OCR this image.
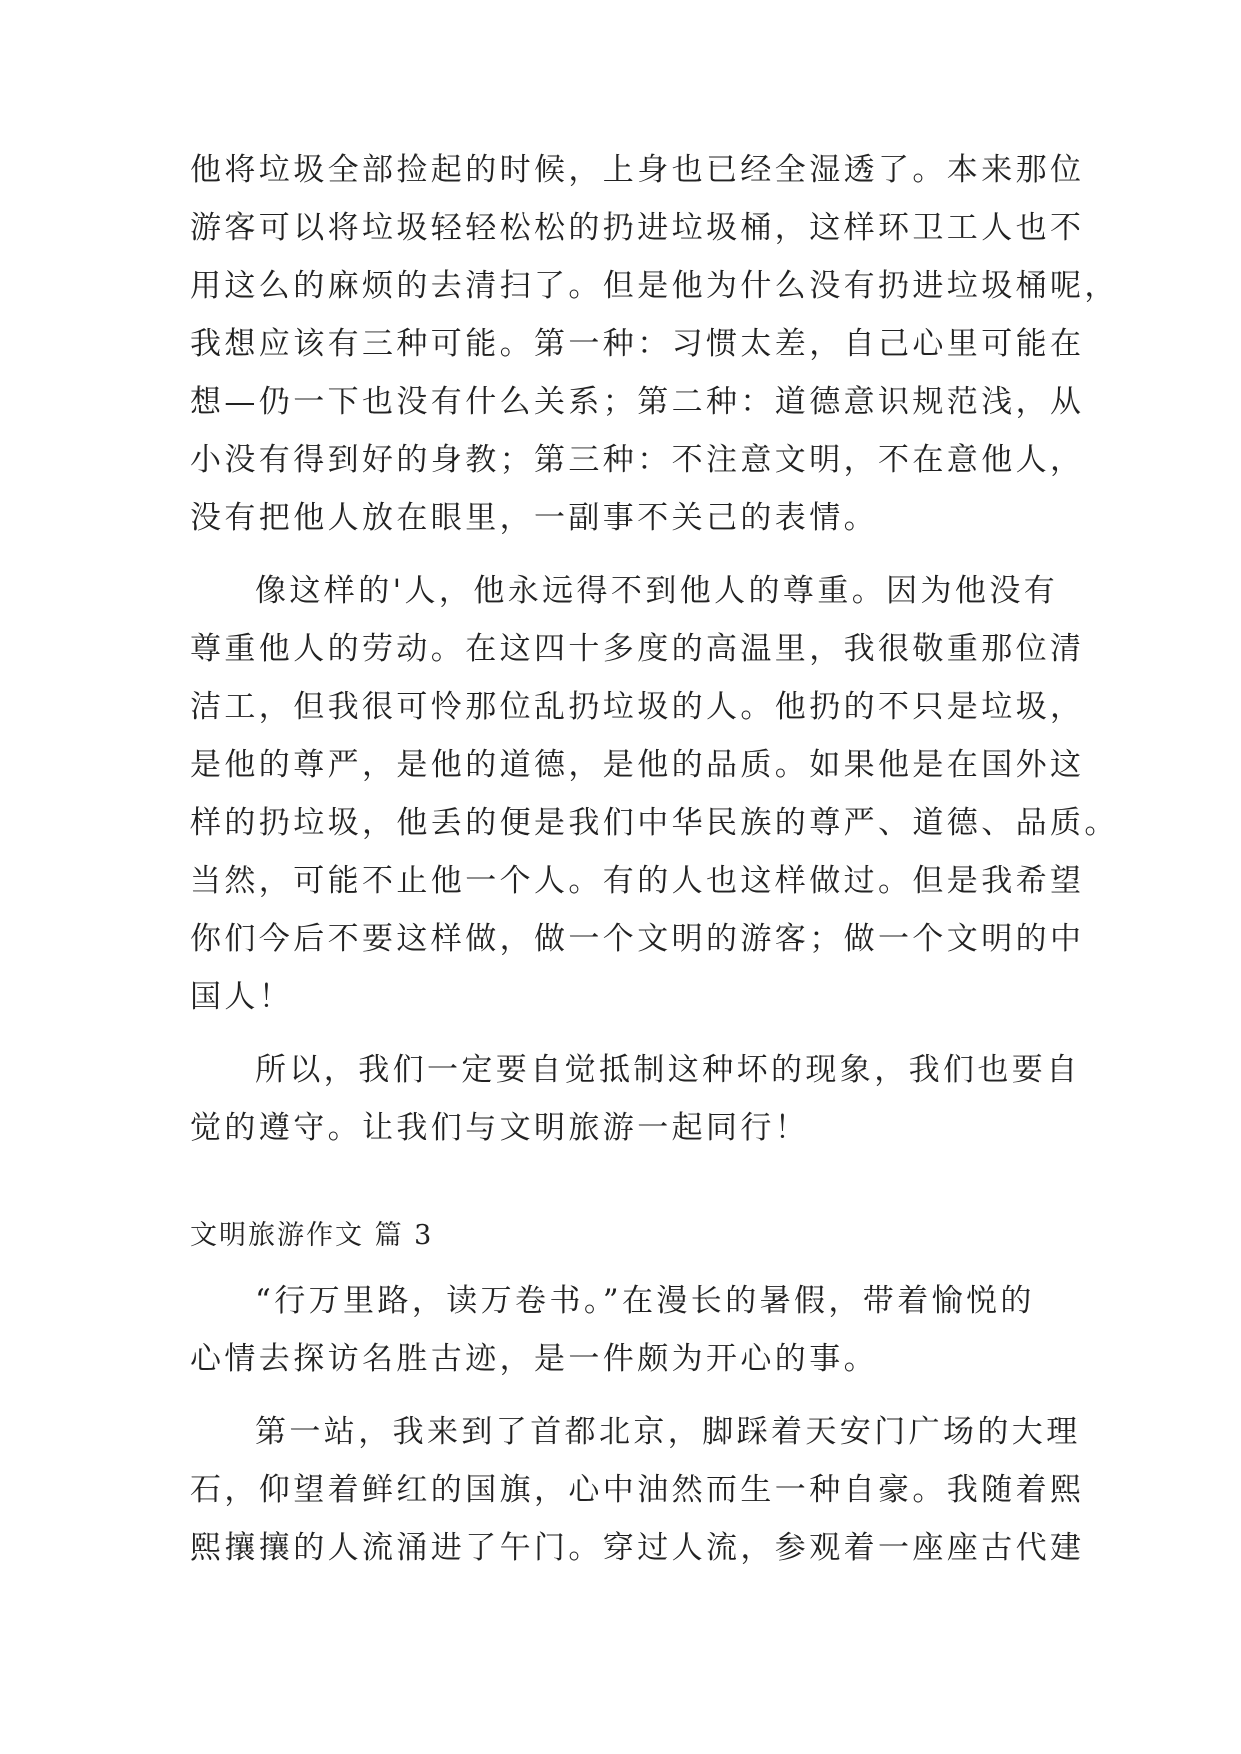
他将垃圾全部捡起的时候，上身也已经全湿透了。本来那位

游客可以将垃圾轻轻松松的扔进垃圾桶，这样环卫工人也不

用这么的麻烦的去清扫了。但是他为什么没有扔进垃圾桶呢，

我想应该有三种可能。第一种：习惯太差，自己心里可能在

想—仍一下也没有什么关系；第二种：道德意识规范浅，从

小没有得到好的身教；第三种：不注意文明，不在意他人，

没有把他人放在眼里，一副事不关己的表情。

像这样的'人，他永远得不到他人的尊重。因为他没有

尊重他人的劳动。在这四十多度的高温里，我很敬重那位清

洁工，但我很可怜那位乱扔垃圾的人。他扔的不只是垃圾，

是他的尊严，是他的道德，是他的品质。如果他是在国外这

样的扔垃圾，他丢的便是我们中华民族的尊严、道德、品质。

当然，可能不止他一个人。有的人也这样做过。但是我希望

你们今后不要这样做，做一个文明的游客；做一个文明的中

国人！

所以，我们一定要自觉抵制这种坏的现象，我们也要自

觉的遵守。让我们与文明旅游一起同行！

文明旅游作文 篇 3

“行万里路，读万卷书。”在漫长的暑假，带着愉悦的

心情去探访名胜古迹，是一件颇为开心的事。

第一站，我来到了首都北京，脚踩着天安门广场的大理

石，仰望着鲜红的国旗，心中油然而生一种自豪。我随着熙

熙攘攘的人流涌进了午门。穿过人流，参观着一座座古代建
